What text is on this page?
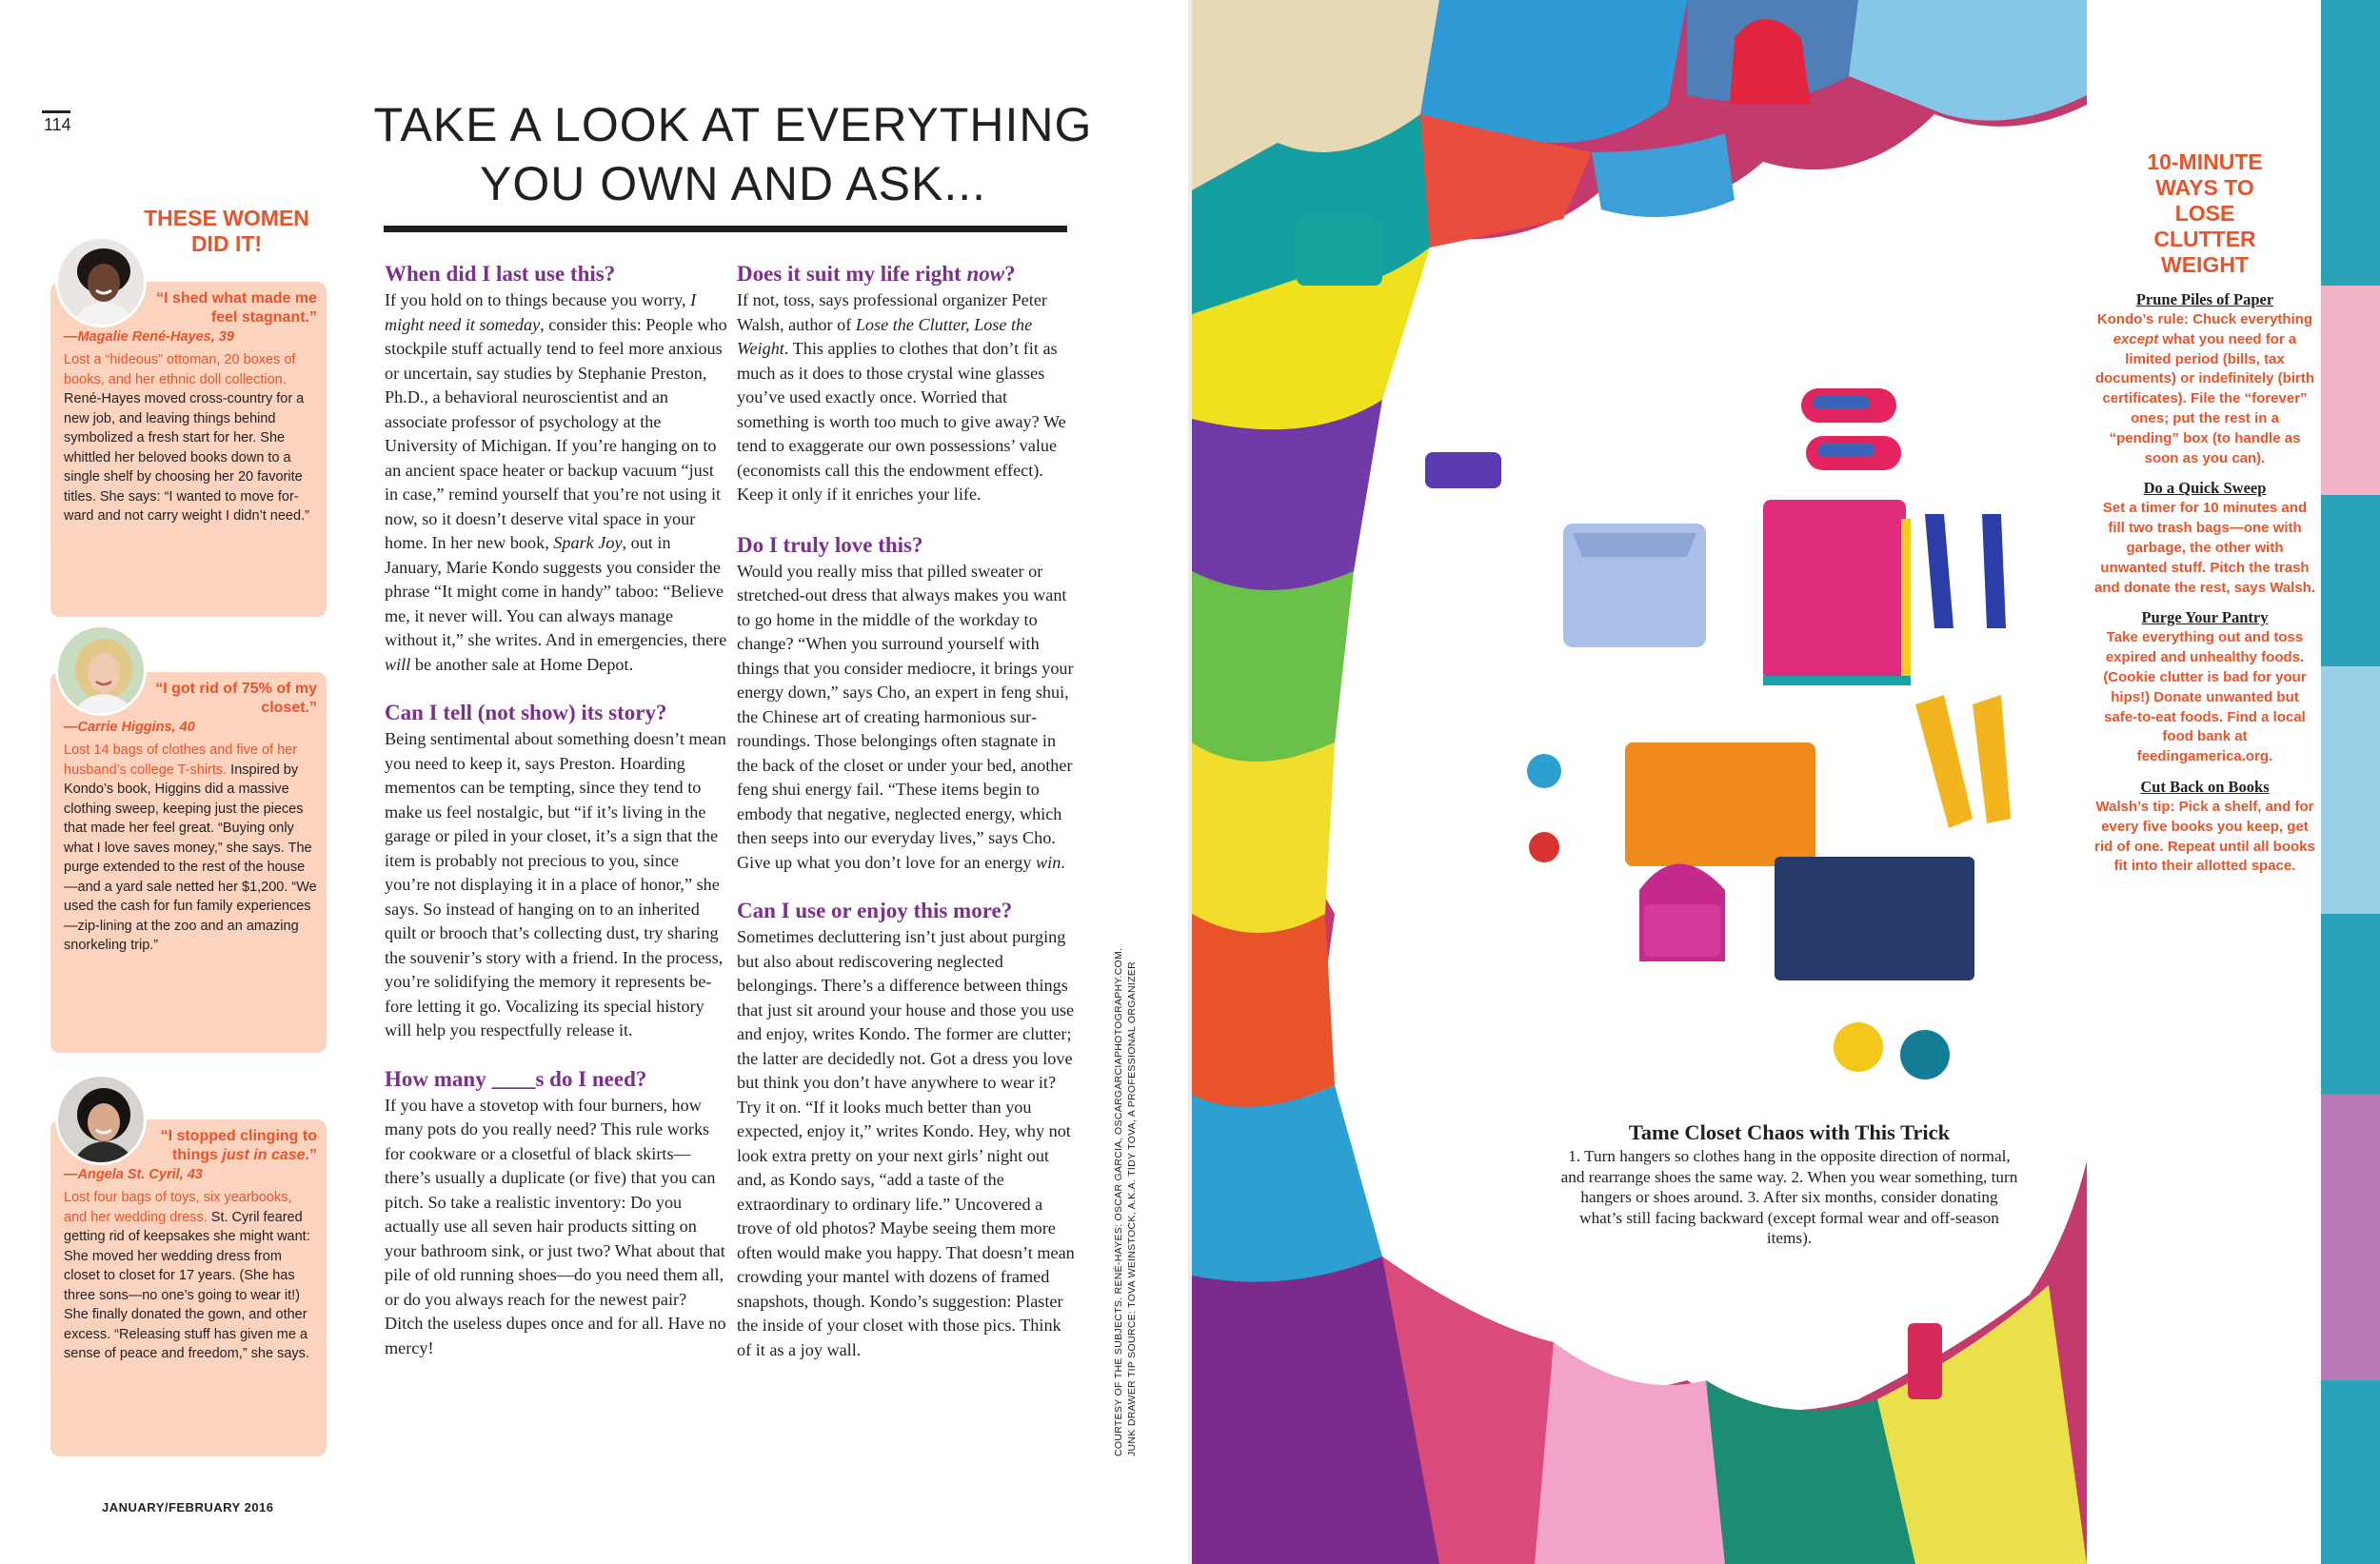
114	TAKE A LOOK AT EVERYTHING
YOU OWN AND ASK...
THESE WOMEN
DID IT!
“I shed what made me feel stagnant.”
—Magalie René-Hayes, 39
Lost a “hideous” ottoman, 20 boxes of books, and her ethnic doll collection. René-Hayes moved cross-country for a new job, and leaving things behind symbolized a fresh start for her. She whittled her beloved books down to a single shelf by choosing her 20 favorite titles. She says: “I wanted to move forward and not carry weight I didn’t need.”
“I got rid of 75% of my closet.”
—Carrie Higgins, 40
Lost 14 bags of clothes and five of her husband’s college T-shirts. Inspired by Kondo’s book, Higgins did a massive clothing sweep, keeping just the pieces that made her feel great. “Buying only what I love saves money,” she says. The purge extended to the rest of the house—and a yard sale netted her $1,200. “We used the cash for fun family experiences—zip-lining at the zoo and an amazing snorkeling trip.”
“I stopped clinging to things just in case.”
—Angela St. Cyril, 43
Lost four bags of toys, six yearbooks, and her wedding dress. St. Cyril feared getting rid of keepsakes she might want: She moved her wedding dress from closet to closet for 17 years. (She has three sons—no one’s going to wear it!) She finally donated the gown, and other excess. “Releasing stuff has given me a sense of peace and freedom,” she says.
When did I last use this?

If you hold on to things because you worry, I might need it someday, consider this: People who stockpile stuff actually tend to feel more anxious or uncertain, say studies by Stephanie Preston, Ph.D., a behavioral neuroscientist and an associate professor of psychology at the University of Michigan. If you’re hanging on to an ancient space heater or backup vacuum “just in case,” remind yourself that you’re not using it now, so it doesn’t deserve vital space in your home. In her new book, Spark Joy, out in January, Marie Kondo suggests you consider the phrase “It might come in handy” taboo: “Believe me, it never will. You can always manage without it,” she writes. And in emergencies, there will be another sale at Home Depot.

Can I tell (not show) its story?

Being sentimental about something doesn’t mean you need to keep it, says Preston. Hoarding mementos can be tempting, since they tend to make us feel nostalgic, but “if it’s living in the garage or piled in your closet, it’s a sign that the item is probably not precious to you, since you’re not displaying it in a place of honor,” she says. So instead of hanging on to an inherited quilt or brooch that’s collecting dust, try sharing the souvenir’s story with a friend. In the process, you’re solidifying the memory it represents before letting it go. Vocalizing its special history will help you respectfully release it.

How many ____s do I need?

If you have a stovetop with four burners, how many pots do you really need? This rule works for cookware or a closetful of black skirts—there’s usually a duplicate (or five) that you can pitch. So take a realistic inventory: Do you actually use all seven hair products sitting on your bathroom sink, or just two? What about that pile of old running shoes—do you need them all, or do you always reach for the newest pair? Ditch the useless dupes once and for all. Have no mercy!

Does it suit my life right now?

If not, toss, says professional organizer Peter Walsh, author of Lose the Clutter, Lose the Weight. This applies to clothes that don’t fit as much as it does to those crystal wine glasses you’ve used exactly once. Worried that something is worth too much to give away? We tend to exaggerate our own possessions’ value (economists call this the endowment effect). Keep it only if it enriches your life.

Do I truly love this?

Would you really miss that pilled sweater or stretched-out dress that always makes you want to go home in the middle of the workday to change? “When you surround yourself with things that you consider mediocre, it brings your energy down,” says Cho, an expert in feng shui, the Chinese art of creating harmonious surroundings. Those belongings often stagnate in the back of the closet or under your bed, another feng shui energy fail. “These items begin to embody that negative, neglected energy, which then seeps into our everyday lives,” says Cho. Give up what you don’t love for an energy win.

Can I use or enjoy this more?

Sometimes decluttering isn’t just about purging but also about rediscovering neglected belongings. There’s a difference between things that just sit around your house and those you use and enjoy, writes Kondo. The former are clutter; the latter are decidedly not. Got a dress you love but think you don’t have anywhere to wear it? Try it on. “If it looks much better than you expected, enjoy it,” writes Kondo. Hey, why not look extra pretty on your next girls’ night out and, as Kondo says, “add a taste of the extraordinary to ordinary life.” Uncovered a trove of old photos? Maybe seeing them more often would make you happy. That doesn’t mean crowding your mantel with dozens of framed snapshots, though. Kondo’s suggestion: Plaster the inside of your closet with those pics. Think of it as a joy wall.	COURTESY OF THE SUBJECTS. RENÉ-HAYES: OSCAR GARCIA, OSCARGARCIAPHOTOGRAPHY.COM. JUNK DRAWER TIP SOURCE: TOVA WEINSTOCK, A.K.A. TIDY TOVA, A PROFESSIONAL ORGANIZER
JANUARY/FEBRUARY 2016
10-MINUTE
WAYS TO
LOSE
CLUTTER
WEIGHT
Prune Piles of Paper
Kondo’s rule: Chuck everything except what you need for a limited period (bills, tax documents) or indefinitely (birth certificates). File the “forever” ones; put the rest in a “pending” box (to handle as soon as you can).
Do a Quick Sweep
Set a timer for 10 minutes and fill two trash bags—one with garbage, the other with unwanted stuff. Pitch the trash and donate the rest, says Walsh.
Purge Your Pantry
Take everything out and toss expired and unhealthy foods. (Cookie clutter is bad for your hips!) Donate unwanted but safe-to-eat foods. Find a local food bank at feedingamerica.org.
Cut Back on Books
Walsh’s tip: Pick a shelf, and for every five books you keep, get rid of one. Repeat until all books fit into their allotted space.
Tame Closet Chaos with This Trick
1. Turn hangers so clothes hang in the opposite direction of normal, and rearrange shoes the same way. 2. When you wear something, turn hangers or shoes around. 3. After six months, consider donating what’s still facing backward (except formal wear and off-season items).
